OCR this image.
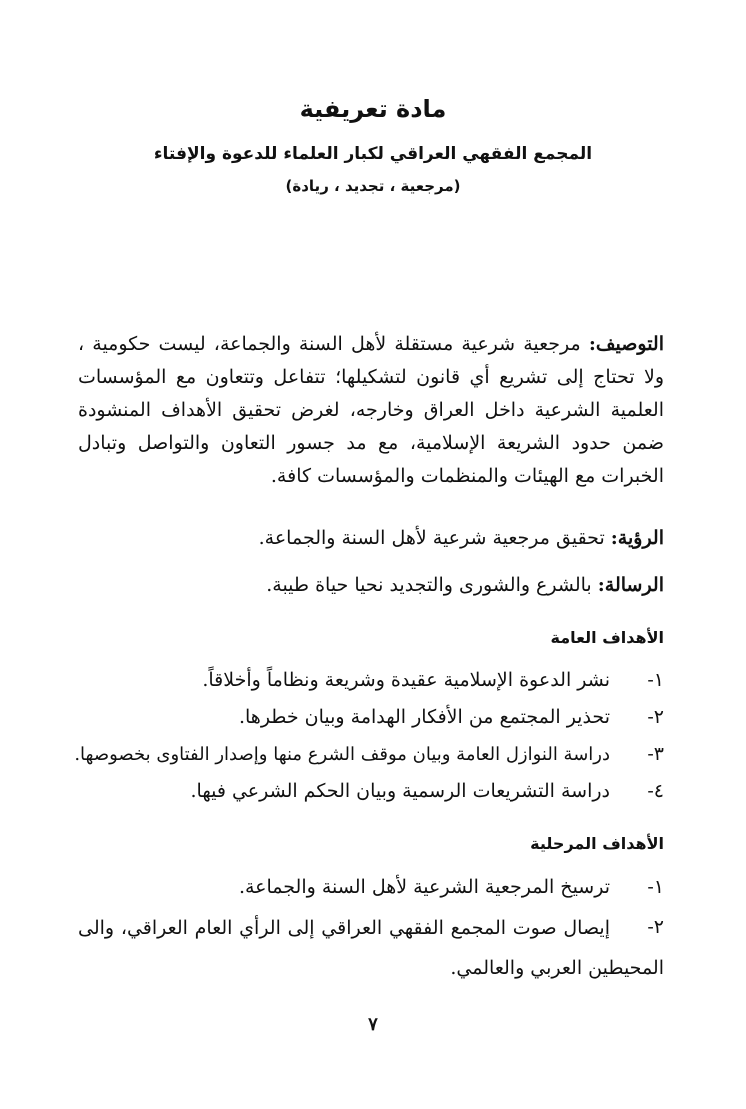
مادة تعريفية
المجمع الفقهي العراقي لكبار العلماء للدعوة والإفتاء
(مرجعية ، تجديد ، ريادة)
التوصيف: مرجعية شرعية مستقلة لأهل السنة والجماعة، ليست حكومية ، ولا تحتاج إلى تشريع أي قانون لتشكيلها؛ تتفاعل وتتعاون مع المؤسسات العلمية الشرعية داخل العراق وخارجه، لغرض تحقيق الأهداف المنشودة ضمن حدود الشريعة الإسلامية، مع مد جسور التعاون والتواصل وتبادل الخبرات مع الهيئات والمنظمات والمؤسسات كافة.
الرؤية: تحقيق مرجعية شرعية لأهل السنة والجماعة.
الرسالة: بالشرع والشورى والتجديد نحيا حياة طيبة.
الأهداف العامة
١-
نشر الدعوة الإسلامية عقيدة وشريعة ونظاماً وأخلاقاً.
٢-
تحذير المجتمع من الأفكار الهدامة وبيان خطرها.
٣-
دراسة النوازل العامة وبيان موقف الشرع منها وإصدار الفتاوى بخصوصها.
٤-
دراسة التشريعات الرسمية وبيان الحكم الشرعي فيها.
الأهداف المرحلية
١-
ترسيخ المرجعية الشرعية لأهل السنة والجماعة.
٢-
إيصال صوت المجمع الفقهي العراقي إلى الرأي العام العراقي، والى المحيطين العربي والعالمي.
٧
